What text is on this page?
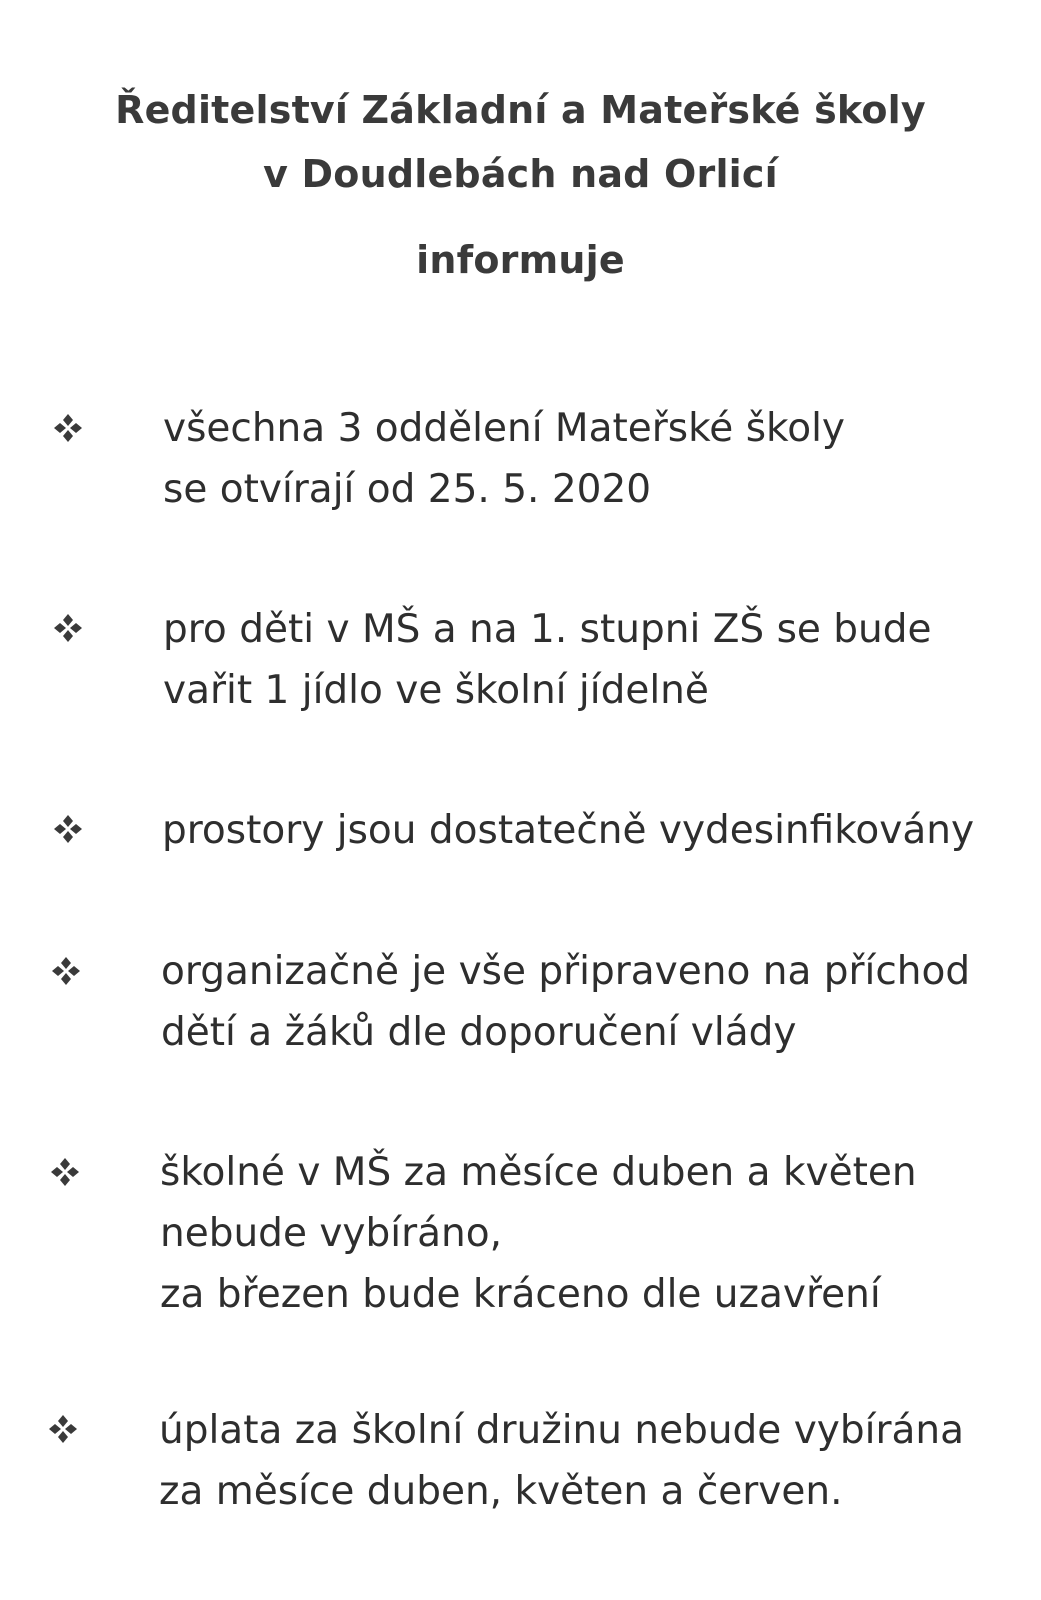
Ředitelství Základní a Mateřské školy
v Doudlebách nad Orlicí
informuje
všechna 3 oddělení Mateřské školy
se otvírají od 25. 5. 2020
pro děti v MŠ a na 1. stupni ZŠ se bude
vařit 1 jídlo ve školní jídelně
prostory jsou dostatečně vydesinfikovány
organizačně je vše připraveno na příchod
dětí a žáků dle doporučení vlády
školné v MŠ za měsíce duben a květen
nebude vybíráno,
za březen bude kráceno dle uzavření
úplata za školní družinu nebude vybírána
za měsíce duben, květen a červen.
